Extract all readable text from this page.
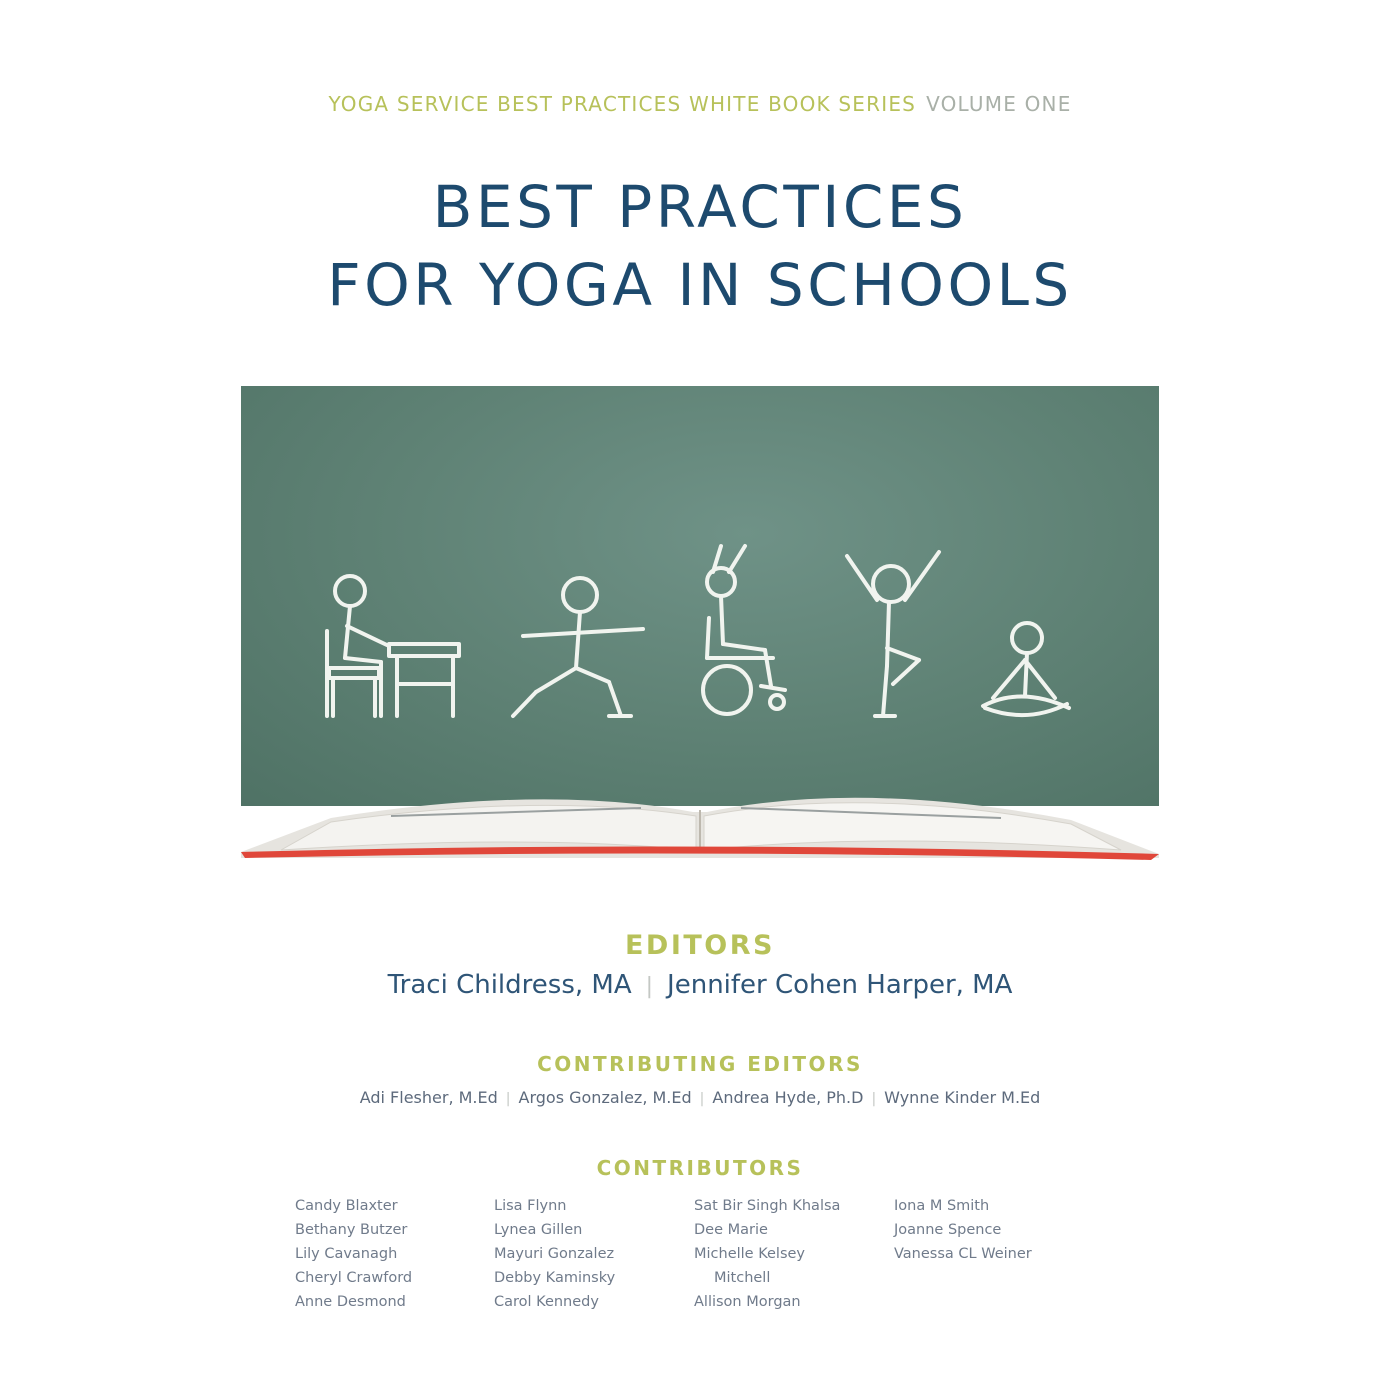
YOGA SERVICE BEST PRACTICES WHITE BOOK SERIES VOLUME ONE
BEST PRACTICES
FOR YOGA IN SCHOOLS
EDITORS
Traci Childress, MA | Jennifer Cohen Harper, MA
CONTRIBUTING EDITORS
Adi Flesher, M.Ed | Argos Gonzalez, M.Ed | Andrea Hyde, Ph.D | Wynne Kinder M.Ed
CONTRIBUTORS
Candy Blaxter
Bethany Butzer
Lily Cavanagh
Cheryl Crawford
Anne Desmond
Lisa Flynn
Lynea Gillen
Mayuri Gonzalez
Debby Kaminsky
Carol Kennedy
Sat Bir Singh Khalsa
Dee Marie
Michelle Kelsey
Mitchell
Allison Morgan
Iona M Smith
Joanne Spence
Vanessa CL Weiner
